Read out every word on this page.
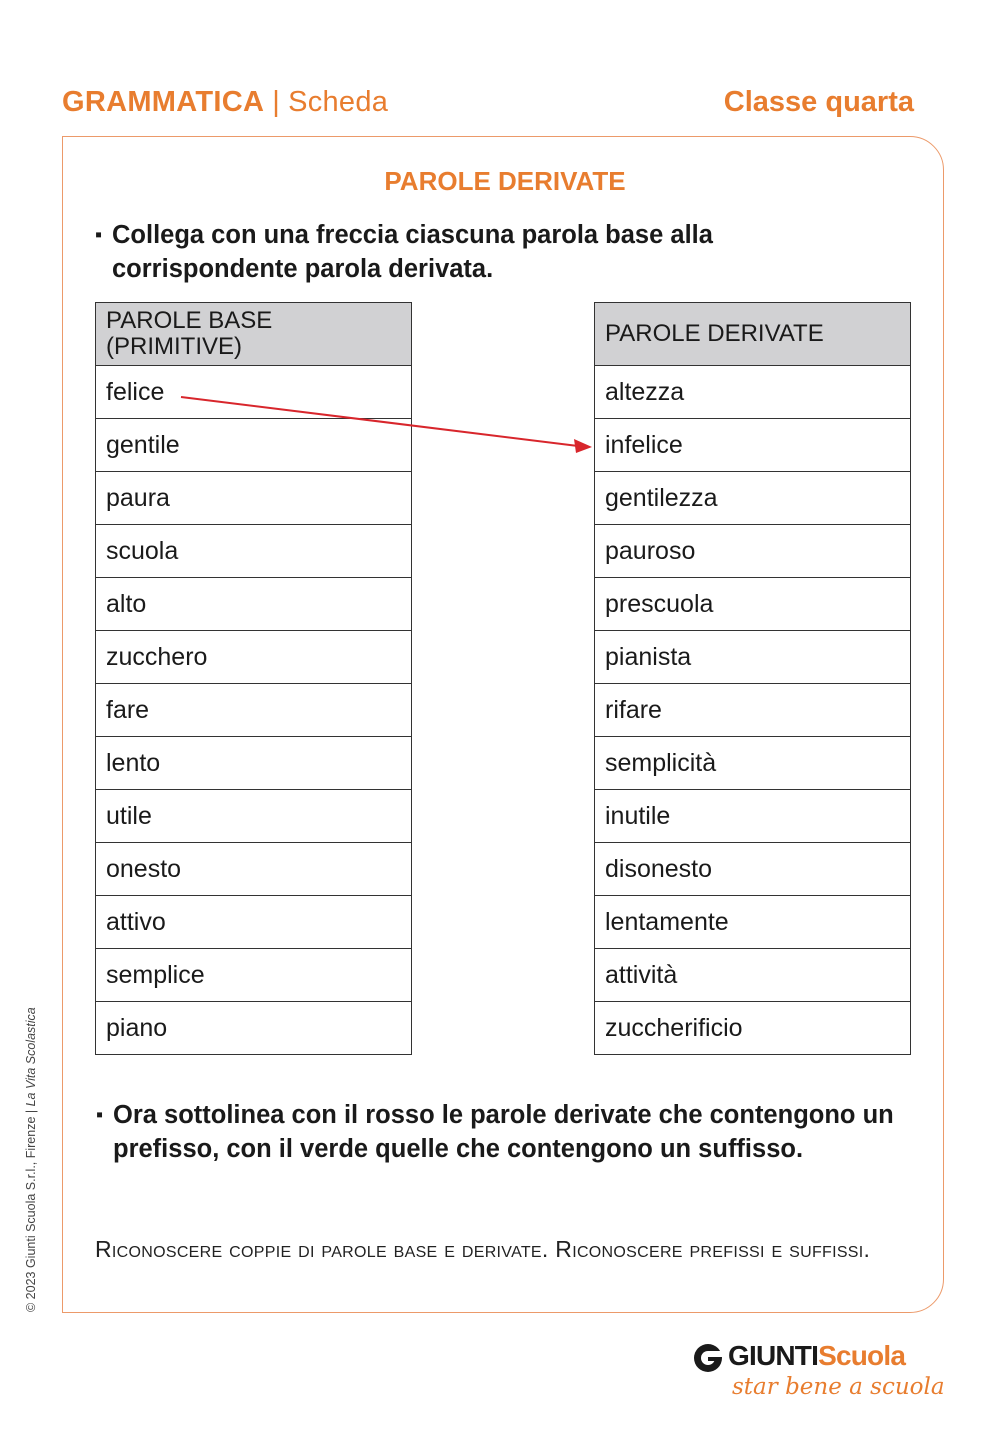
GRAMMATICA | Scheda	Classe quarta
PAROLE DERIVATE
▪ Collega con una freccia ciascuna parola base alla corrispondente parola derivata.
PAROLE BASE
(PRIMITIVE)
felice
gentile
paura
scuola
alto
zucchero
fare
lento
utile
onesto
attivo
semplice
piano
PAROLE DERIVATE
altezza
infelice
gentilezza
pauroso
prescuola
pianista
rifare
semplicità
inutile
disonesto
lentamente
attività
zuccherificio
▪ Ora sottolinea con il rosso le parole derivate che contengono un prefisso, con il verde quelle che contengono un suffisso.
Riconoscere coppie di parole base e derivate. Riconoscere prefissi e suffissi.
© 2023 Giunti Scuola S.r.l., Firenze | La Vita Scolastica
GIUNTIScuola
star bene a scuola
